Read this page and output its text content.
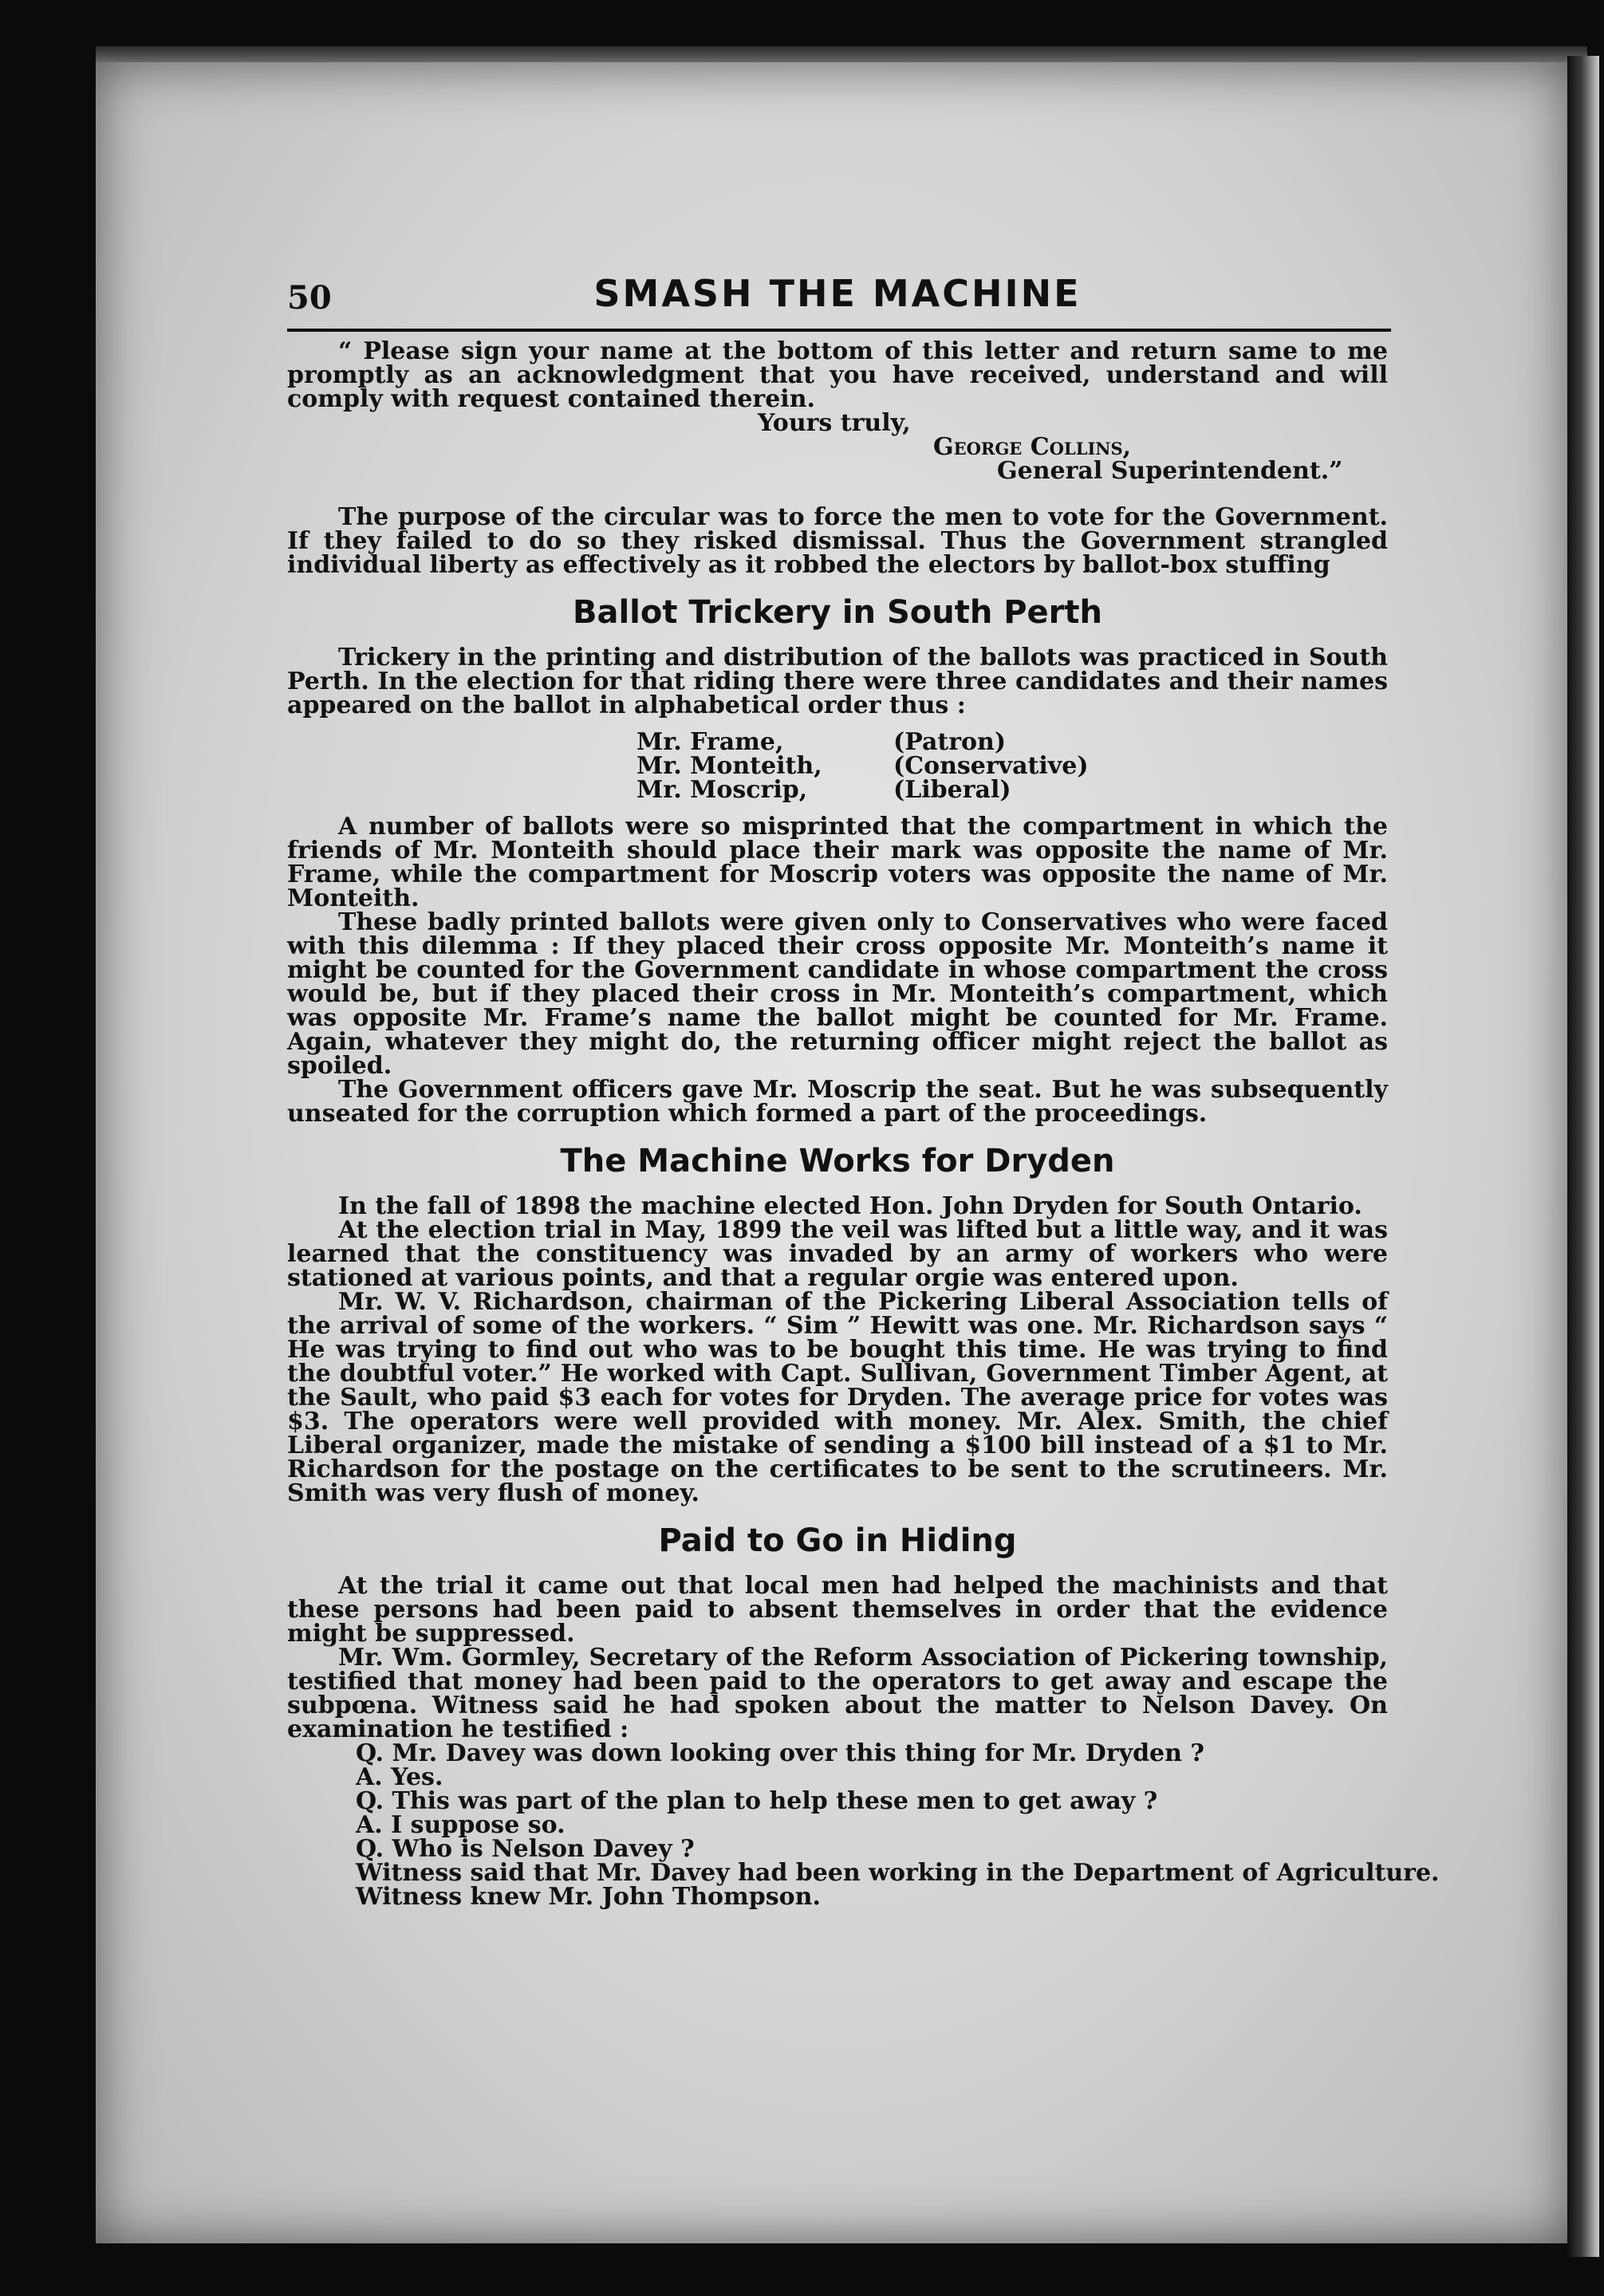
50	SMASH THE MACHINE

“ Please sign your name at the bottom of this letter and return same to me promptly as an acknowledgment that you have received, understand and will comply with request contained therein.

Yours truly,

George Collins,

General Superintendent.”

The purpose of the circular was to force the men to vote for the Government. If they failed to do so they risked dismissal. Thus the Government strangled individual liberty as effectively as it robbed the electors by ballot-box stuffing

Ballot Trickery in South Perth

Trickery in the printing and distribution of the ballots was practiced in South Perth. In the election for that riding there were three candidates and their names appeared on the ballot in alphabetical order thus :

Mr. Frame,	(Patron)
Mr. Monteith,	(Conservative)
Mr. Moscrip,	(Liberal)

A number of ballots were so misprinted that the compartment in which the friends of Mr. Monteith should place their mark was opposite the name of Mr. Frame, while the compartment for Moscrip voters was opposite the name of Mr. Monteith.

These badly printed ballots were given only to Conservatives who were faced with this dilemma : If they placed their cross opposite Mr. Monteith’s name it might be counted for the Government candidate in whose compartment the cross would be, but if they placed their cross in Mr. Monteith’s compartment, which was opposite Mr. Frame’s name the ballot might be counted for Mr. Frame. Again, whatever they might do, the returning officer might reject the ballot as spoiled.

The Government officers gave Mr. Moscrip the seat. But he was subsequently unseated for the corruption which formed a part of the proceedings.

The Machine Works for Dryden

In the fall of 1898 the machine elected Hon. John Dryden for South Ontario.

At the election trial in May, 1899 the veil was lifted but a little way, and it was learned that the constituency was invaded by an army of workers who were stationed at various points, and that a regular orgie was entered upon.

Mr. W. V. Richardson, chairman of the Pickering Liberal Association tells of the arrival of some of the workers. “ Sim ” Hewitt was one. Mr. Richardson says “ He was trying to find out who was to be bought this time. He was trying to find the doubtful voter.” He worked with Capt. Sullivan, Government Timber Agent, at the Sault, who paid $3 each for votes for Dryden. The average price for votes was $3. The operators were well provided with money. Mr. Alex. Smith, the chief Liberal organizer, made the mistake of sending a $100 bill instead of a $1 to Mr. Richardson for the postage on the certificates to be sent to the scrutineers. Mr. Smith was very flush of money.

Paid to Go in Hiding

At the trial it came out that local men had helped the machinists and that these persons had been paid to absent themselves in order that the evidence might be suppressed.

Mr. Wm. Gormley, Secretary of the Reform Association of Pickering township, testified that money had been paid to the operators to get away and escape the subpœna. Witness said he had spoken about the matter to Nelson Davey. On examination he testified :

Q. Mr. Davey was down looking over this thing for Mr. Dryden ?

A. Yes.

Q. This was part of the plan to help these men to get away ?

A. I suppose so.

Q. Who is Nelson Davey ?

Witness said that Mr. Davey had been working in the Department of Agriculture.

Witness knew Mr. John Thompson.
